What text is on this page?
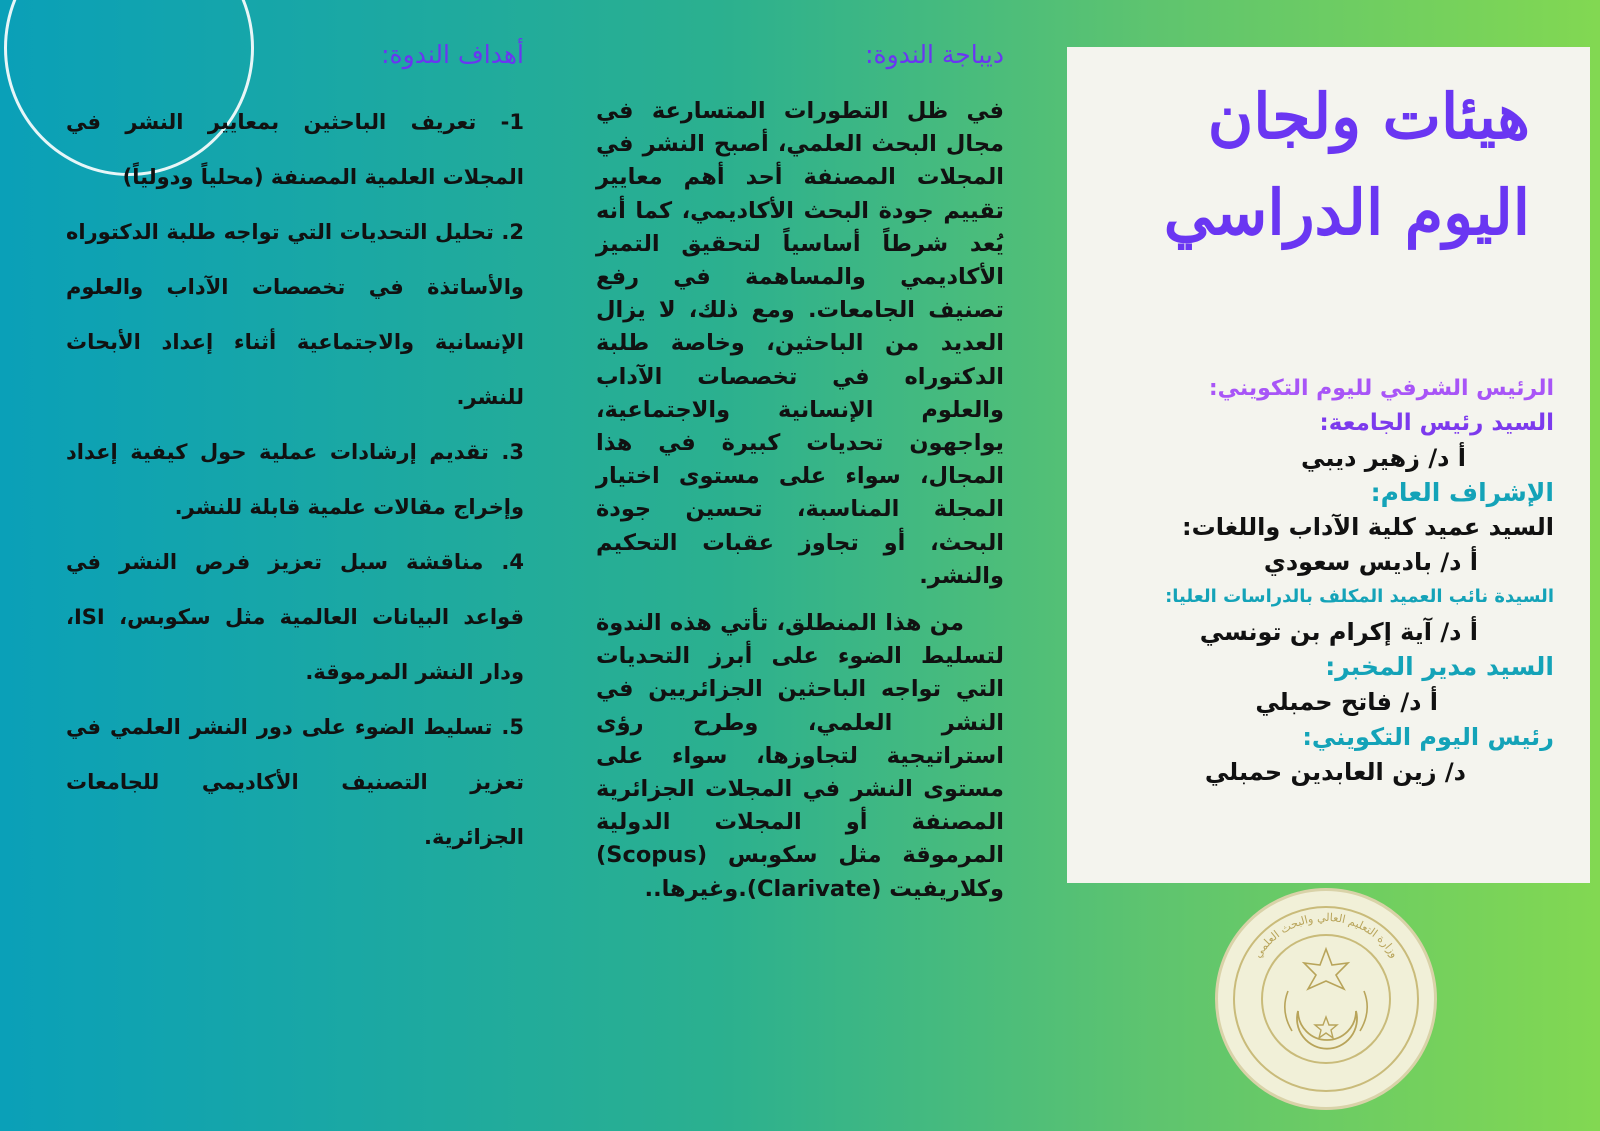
أهداف الندوة:

1- تعريف الباحثين بمعايير النشر في المجلات العلمية المصنفة (محلياً ودولياً)

2. تحليل التحديات التي تواجه طلبة الدكتوراه والأساتذة في تخصصات الآداب والعلوم الإنسانية والاجتماعية أثناء إعداد الأبحاث للنشر.

3. تقديم إرشادات عملية حول كيفية إعداد وإخراج مقالات علمية قابلة للنشر.

4. مناقشة سبل تعزيز فرص النشر في قواعد البيانات العالمية مثل سكوبس، ISI، ودار النشر المرموقة.

5. تسليط الضوء على دور النشر العلمي في تعزيز التصنيف الأكاديمي للجامعات الجزائرية.

ديباجة الندوة:

في ظل التطورات المتسارعة في مجال البحث العلمي، أصبح النشر في المجلات المصنفة أحد أهم معايير تقييم جودة البحث الأكاديمي، كما أنه يُعد شرطاً أساسياً لتحقيق التميز الأكاديمي والمساهمة في رفع تصنيف الجامعات. ومع ذلك، لا يزال العديد من الباحثين، وخاصة طلبة الدكتوراه في تخصصات الآداب والعلوم الإنسانية والاجتماعية، يواجهون تحديات كبيرة في هذا المجال، سواء على مستوى اختيار المجلة المناسبة، تحسين جودة البحث، أو تجاوز عقبات التحكيم والنشر.

من هذا المنطلق، تأتي هذه الندوة لتسليط الضوء على أبرز التحديات التي تواجه الباحثين الجزائريين في النشر العلمي، وطرح رؤى استراتيجية لتجاوزها، سواء على مستوى النشر في المجلات الجزائرية المصنفة أو المجلات الدولية المرموقة مثل سكوبس (Scopus) وكلاريفيت (Clarivate).وغيرها..

هيئات ولجان
اليوم الدراسي

الرئيس الشرفي لليوم التكويني:

السيد رئيس الجامعة:

أ د/ زهير ديبي

الإشراف العام:

السيد عميد كلية الآداب واللغات:

أ د/ باديس سعودي

السيدة نائب العميد المكلف بالدراسات العليا:

أ د/ آية إكرام بن تونسي

السيد مدير المخبر:

أ د/ فاتح حمبلي

رئيس اليوم التكويني:

د/ زين العابدين حمبلي

وزارة التعليم العالي والبحث العلمي
